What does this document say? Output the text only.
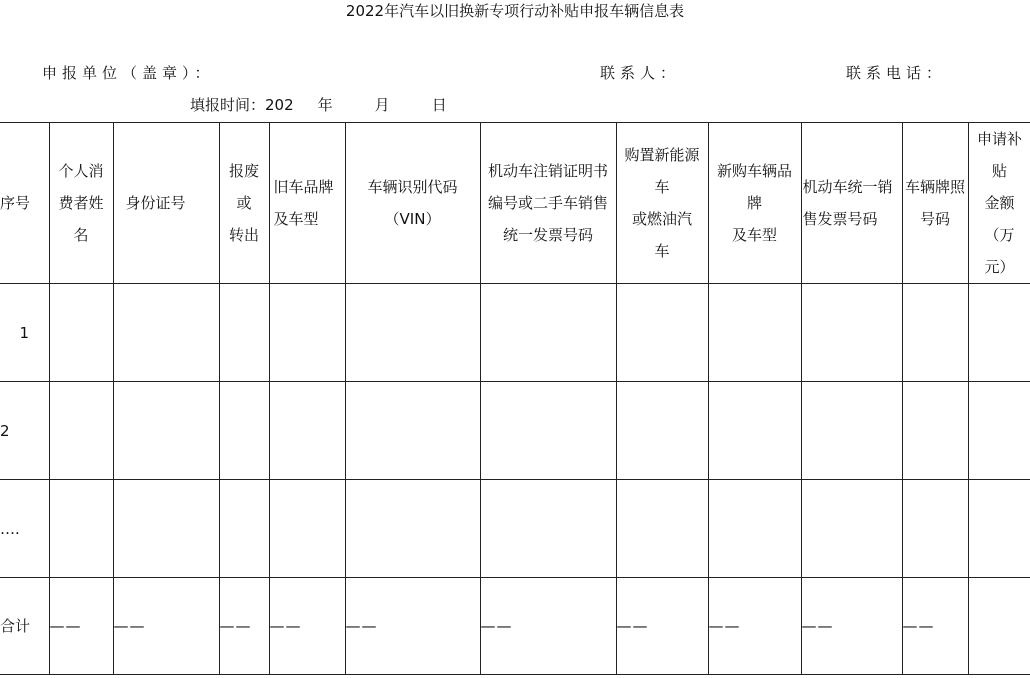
2022年汽车以旧换新专项行动补贴申报车辆信息表
申报单位（盖章）：	联系人：	联系电话：
填报时间：202 年	月	日
序号	个人消
费者姓
名	身份证号	报废
或
转出	旧车品牌
及车型	车辆识别代码
（VIN）	机动车注销证明书
编号或二手车销售
统一发票号码	购置新能源
车
或燃油汽
车	新购车辆品
牌
及车型	机动车统一销
售发票号码	车辆牌照
号码	申请补
贴
金额
（万
元）

1											
2											
….											
合计	——	——	——	——	——	——	——	——	——	——	
